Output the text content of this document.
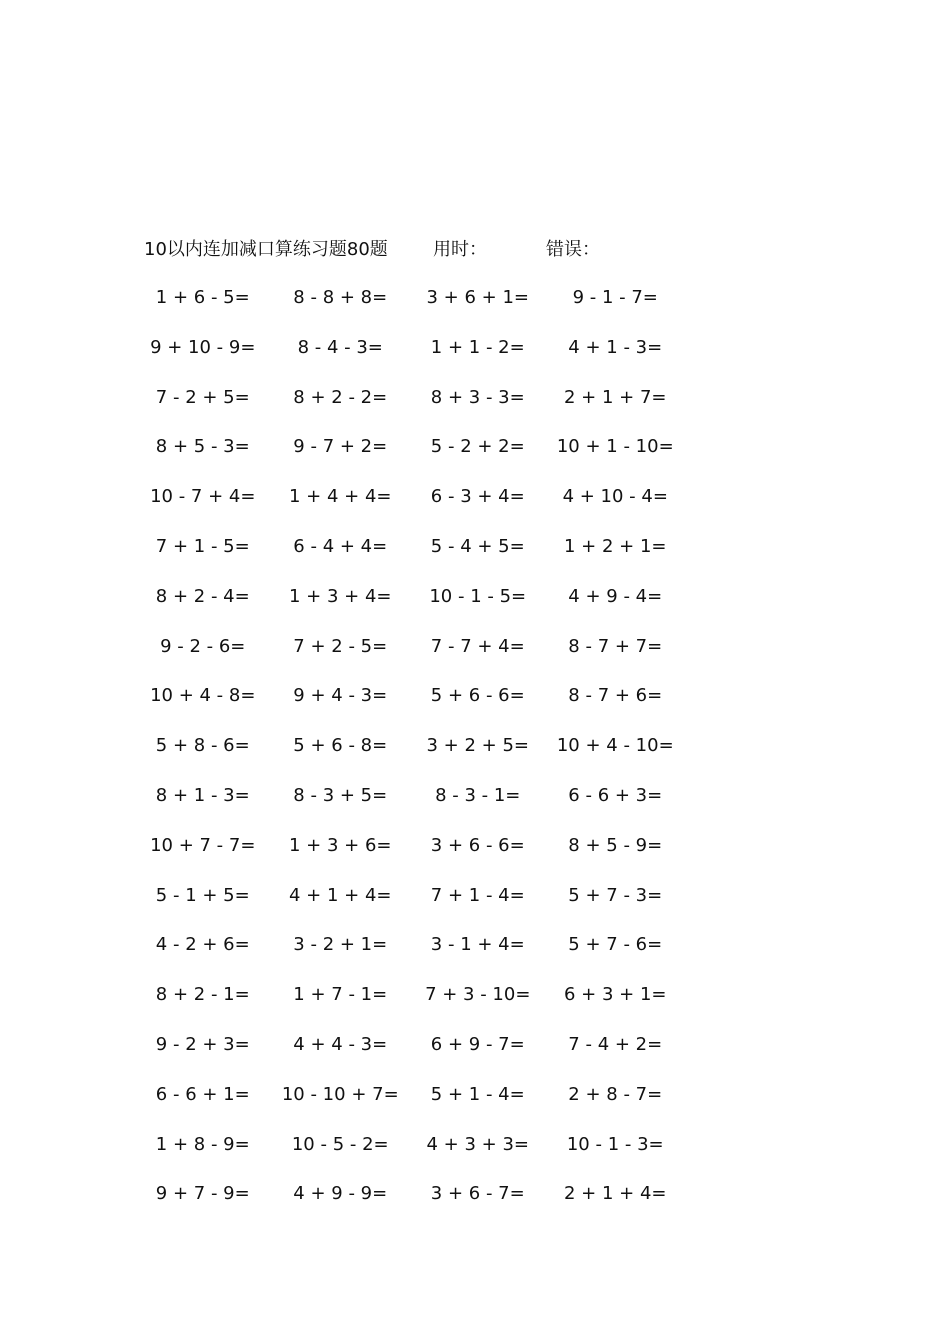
10以内连加减口算练习题80题	用时：	错误：
1 + 6 - 5=	8 - 8 + 8=	3 + 6 + 1=	9 - 1 - 7=
9 + 10 - 9=	8 - 4 - 3=	1 + 1 - 2=	4 + 1 - 3=
7 - 2 + 5=	8 + 2 - 2=	8 + 3 - 3=	2 + 1 + 7=
8 + 5 - 3=	9 - 7 + 2=	5 - 2 + 2=	10 + 1 - 10=
10 - 7 + 4=	1 + 4 + 4=	6 - 3 + 4=	4 + 10 - 4=
7 + 1 - 5=	6 - 4 + 4=	5 - 4 + 5=	1 + 2 + 1=
8 + 2 - 4=	1 + 3 + 4=	10 - 1 - 5=	4 + 9 - 4=
9 - 2 - 6=	7 + 2 - 5=	7 - 7 + 4=	8 - 7 + 7=
10 + 4 - 8=	9 + 4 - 3=	5 + 6 - 6=	8 - 7 + 6=
5 + 8 - 6=	5 + 6 - 8=	3 + 2 + 5=	10 + 4 - 10=
8 + 1 - 3=	8 - 3 + 5=	8 - 3 - 1=	6 - 6 + 3=
10 + 7 - 7=	1 + 3 + 6=	3 + 6 - 6=	8 + 5 - 9=
5 - 1 + 5=	4 + 1 + 4=	7 + 1 - 4=	5 + 7 - 3=
4 - 2 + 6=	3 - 2 + 1=	3 - 1 + 4=	5 + 7 - 6=
8 + 2 - 1=	1 + 7 - 1=	7 + 3 - 10=	6 + 3 + 1=
9 - 2 + 3=	4 + 4 - 3=	6 + 9 - 7=	7 - 4 + 2=
6 - 6 + 1=	10 - 10 + 7=	5 + 1 - 4=	2 + 8 - 7=
1 + 8 - 9=	10 - 5 - 2=	4 + 3 + 3=	10 - 1 - 3=
9 + 7 - 9=	4 + 9 - 9=	3 + 6 - 7=	2 + 1 + 4=
